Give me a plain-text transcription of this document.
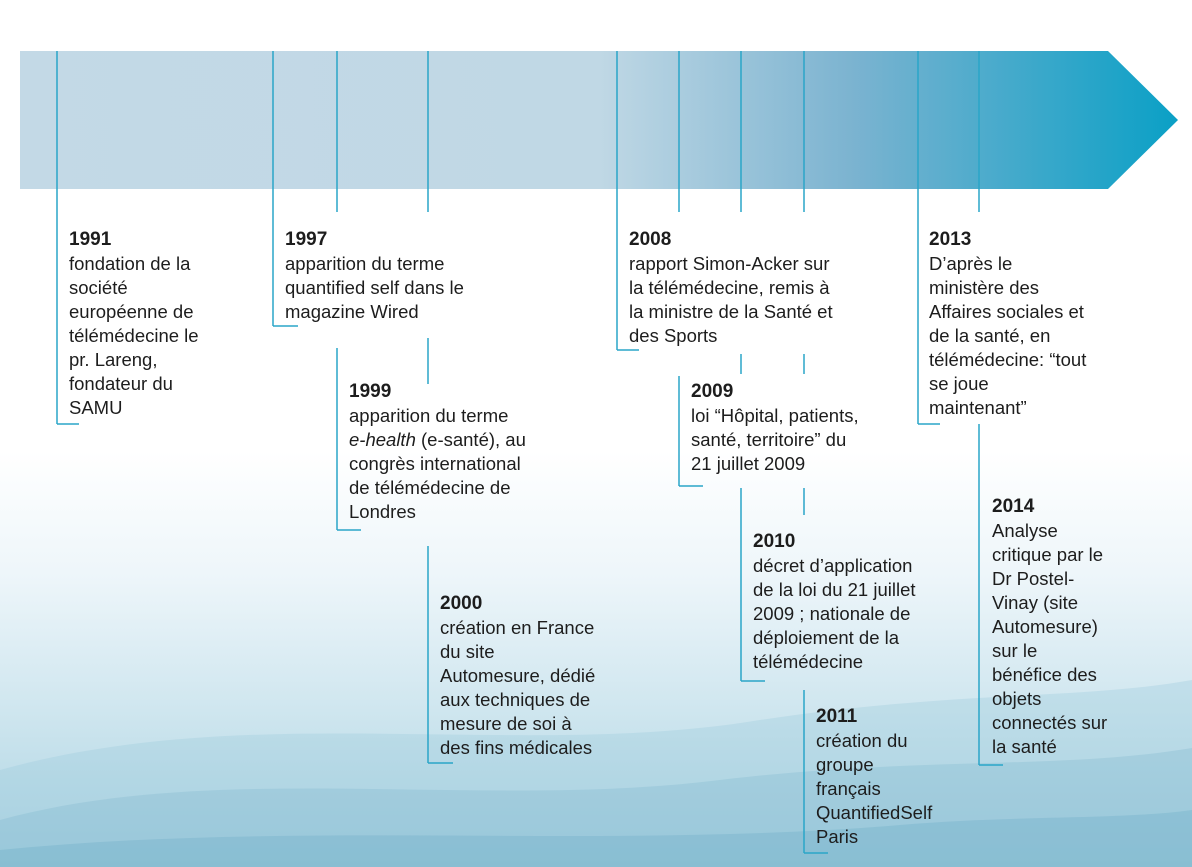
1991
fondation de la
société
européenne de
télémédecine le
pr. Lareng,
fondateur du
SAMU
1997
apparition du terme
quantified self dans le
magazine Wired
1999
apparition du terme
e-health (e-santé), au
congrès international
de télémédecine de
Londres
2000
création en France
du site
Automesure, dédié
aux techniques de
mesure de soi à
des fins médicales
2008
rapport Simon-Acker sur
la télémédecine, remis à
la ministre de la Santé et
des Sports
2009
loi “Hôpital, patients,
santé, territoire” du
21 juillet 2009
2010
décret d’application
de la loi du 21 juillet
2009 ; nationale de
déploiement de la
télémédecine
2011
création du
groupe
français
QuantifiedSelf
Paris
2013
D’après le
ministère des
Affaires sociales et
de la santé, en
télémédecine: “tout
se joue
maintenant”
2014
Analyse
critique par le
Dr Postel-
Vinay (site
Automesure)
sur le
bénéfice des
objets
connectés sur
la santé
